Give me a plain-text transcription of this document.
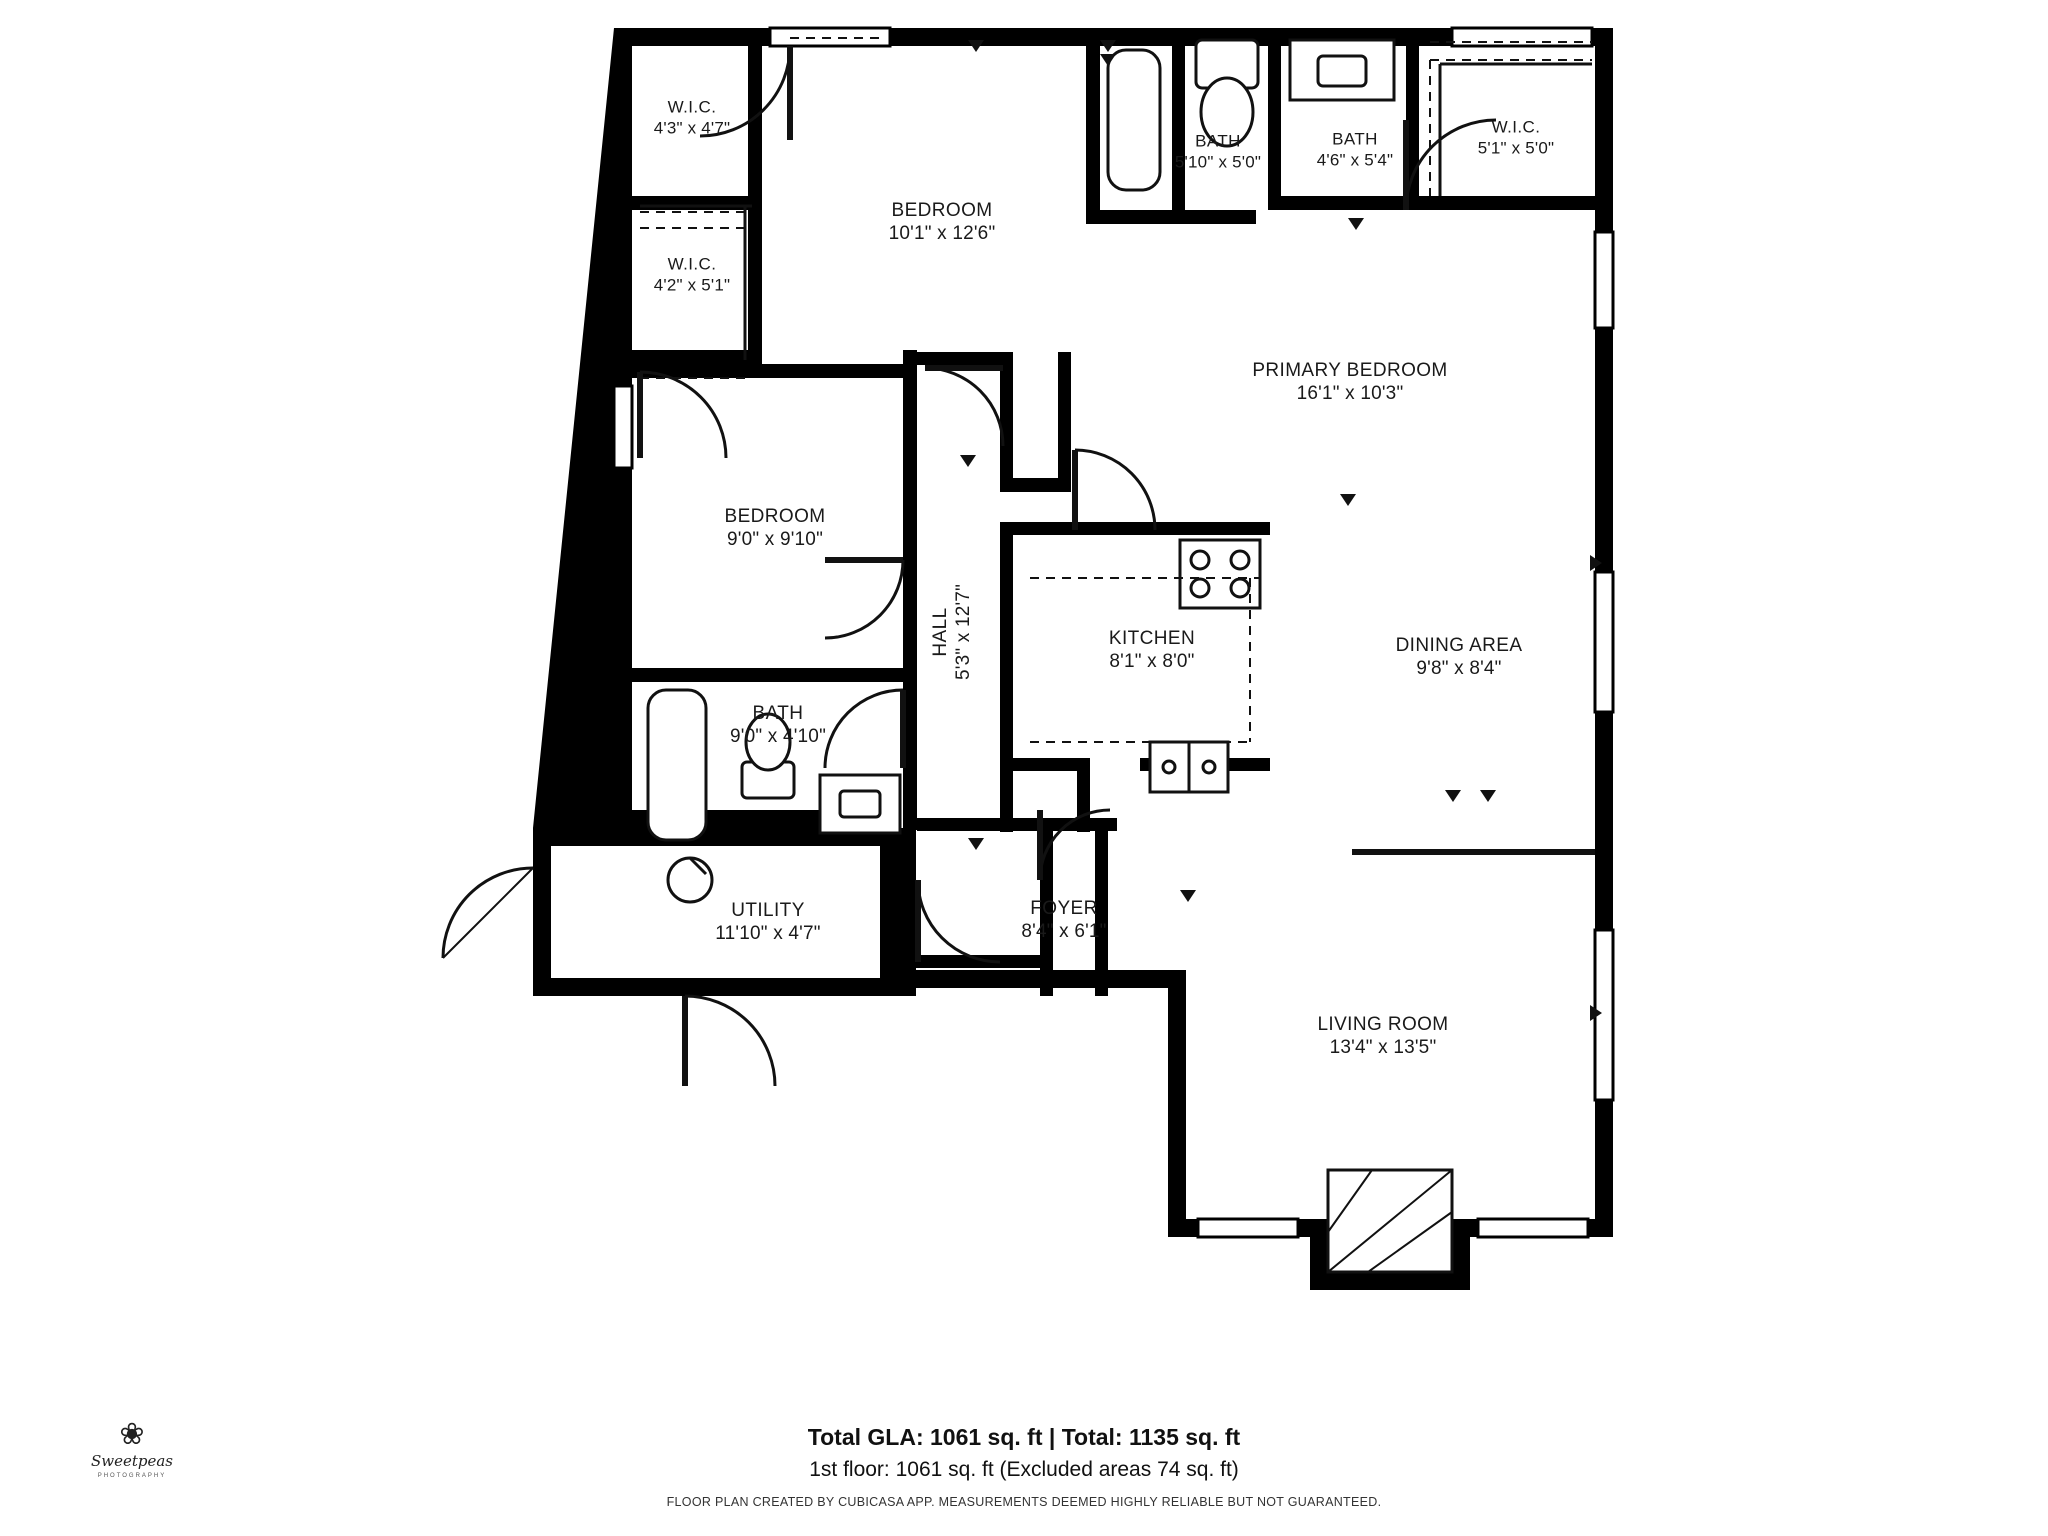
W.I.C.
4'3" x 4'7"
W.I.C.
4'2" x 5'1"
BEDROOM
10'1" x 12'6"
BATH
5'10" x 5'0"
BATH
4'6" x 5'4"
W.I.C.
5'1" x 5'0"
PRIMARY BEDROOM
16'1" x 10'3"
BEDROOM
9'0" x 9'10"
HALL 5'3" x 12'7"	KITCHEN
8'1" x 8'0"
DINING AREA
9'8" x 8'4"
BATH
9'0" x 4'10"
UTILITY
11'10" x 4'7"
FOYER
8'4" x 6'1"
LIVING ROOM
13'4" x 13'5"
Total GLA: 1061 sq. ft | Total: 1135 sq. ft
1st floor: 1061 sq. ft (Excluded areas 74 sq. ft)
FLOOR PLAN CREATED BY CUBICASA APP. MEASUREMENTS DEEMED HIGHLY RELIABLE BUT NOT GUARANTEED.
❀
Sweetpeas
PHOTOGRAPHY
